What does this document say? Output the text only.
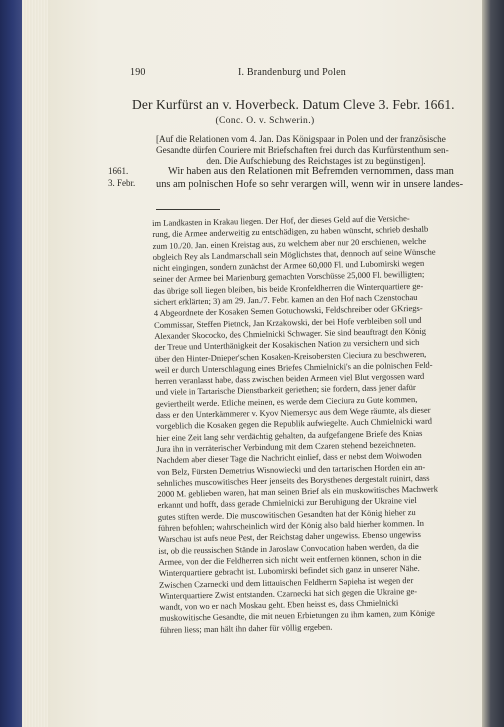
190	I. Brandenburg und Polen
Der Kurfürst an v. Hoverbeck. Datum Cleve 3. Febr. 1661.
(Conc. O. v. Schwerin.)
[Auf die Relationen vom 4. Jan. Das Königspaar in Polen und der französische
Gesandte dürfen Couriere mit Briefschaften frei durch das Kurfürstenthum sen-
den. Die Aufschiebung des Reichstages ist zu begünstigen].
1661.
3. Febr.
Wir haben aus den Relationen mit Befremden vernommen, dass man
uns am polnischen Hofe so sehr verargen will, wenn wir in unsere landes-
im Landkasten in Krakau liegen. Der Hof, der dieses Geld auf die Versiche-
rung, die Armee anderweitig zu entschädigen, zu haben wünscht, schrieb deshalb
zum 10./20. Jan. einen Kreistag aus, zu welchem aber nur 20 erschienen, welche
obgleich Rey als Landmarschall sein Möglichstes that, dennoch auf seine Wünsche
nicht eingingen, sondern zunächst der Armee 60,000 Fl. und Lubomirski wegen
seiner der Armee bei Marienburg gemachten Vorschüsse 25,000 Fl. bewilligten;
das übrige soll liegen bleiben, bis beide Kronfeldherren die Winterquartiere ge-
sichert erklärten; 3) am 29. Jan./7. Febr. kamen an den Hof nach Czenstochau
4 Abgeordnete der Kosaken Semen Gotuchowski, Feldschreiber oder GKriegs-
Commissar, Steffen Pietnck, Jan Krzakowski, der bei Hofe verbleiben soll und
Alexander Skococko, des Chmielnicki Schwager. Sie sind beauftragt den König
der Treue und Unterthänigkeit der Kosakischen Nation zu versichern und sich
über den Hinter-Dnieper'schen Kosaken-Kreisobersten Cieciura zu beschweren,
weil er durch Unterschlagung eines Briefes Chmielnicki's an die polnischen Feld-
herren veranlasst habe, dass zwischen beiden Armeen viel Blut vergossen ward
und viele in Tartarische Dienstbarkeit geriethen; sie fordern, dass jener dafür
geviertheilt werde. Etliche meinen, es werde dem Cieciura zu Gute kommen,
dass er den Unterkämmerer v. Kyov Niemersyc aus dem Wege räumte, als dieser
vorgeblich die Kosaken gegen die Republik aufwiegelte. Auch Chmielnicki ward
hier eine Zeit lang sehr verdächtig gehalten, da aufgefangene Briefe des Knias
Jura ihn in verräterischer Verbindung mit dem Czaren stehend bezeichneten.
Nachdem aber dieser Tage die Nachricht einlief, dass er nebst dem Woiwoden
von Belz, Fürsten Demetrius Wisnowiecki und den tartarischen Horden ein an-
sehnliches muscowitisches Heer jenseits des Borysthenes dergestalt ruinirt, dass
2000 M. geblieben waren, hat man seinen Brief als ein muskowitisches Machwerk
erkannt und hofft, dass gerade Chmielnicki zur Beruhigung der Ukraine viel
gutes stiften werde. Die muscowitischen Gesandten hat der König hieher zu
führen befohlen; wahrscheinlich wird der König also bald hierher kommen. In
Warschau ist aufs neue Pest, der Reichstag daher ungewiss. Ebenso ungewiss
ist, ob die reussischen Stände in Jaroslaw Convocation haben werden, da die
Armee, von der die Feldherren sich nicht weit entfernen können, schon in die
Winterquartiere gebracht ist. Lubomirski befindet sich ganz in unserer Nähe.
Zwischen Czarnecki und dem littauischen Feldherrn Sapieha ist wegen der
Winterquartiere Zwist entstanden. Czarnecki hat sich gegen die Ukraine ge-
wandt, von wo er nach Moskau geht. Eben heisst es, dass Chmielnicki
muskowitische Gesandte, die mit neuen Erbietungen zu ihm kamen, zum Könige
führen liess; man hält ihn daher für völlig ergeben.
